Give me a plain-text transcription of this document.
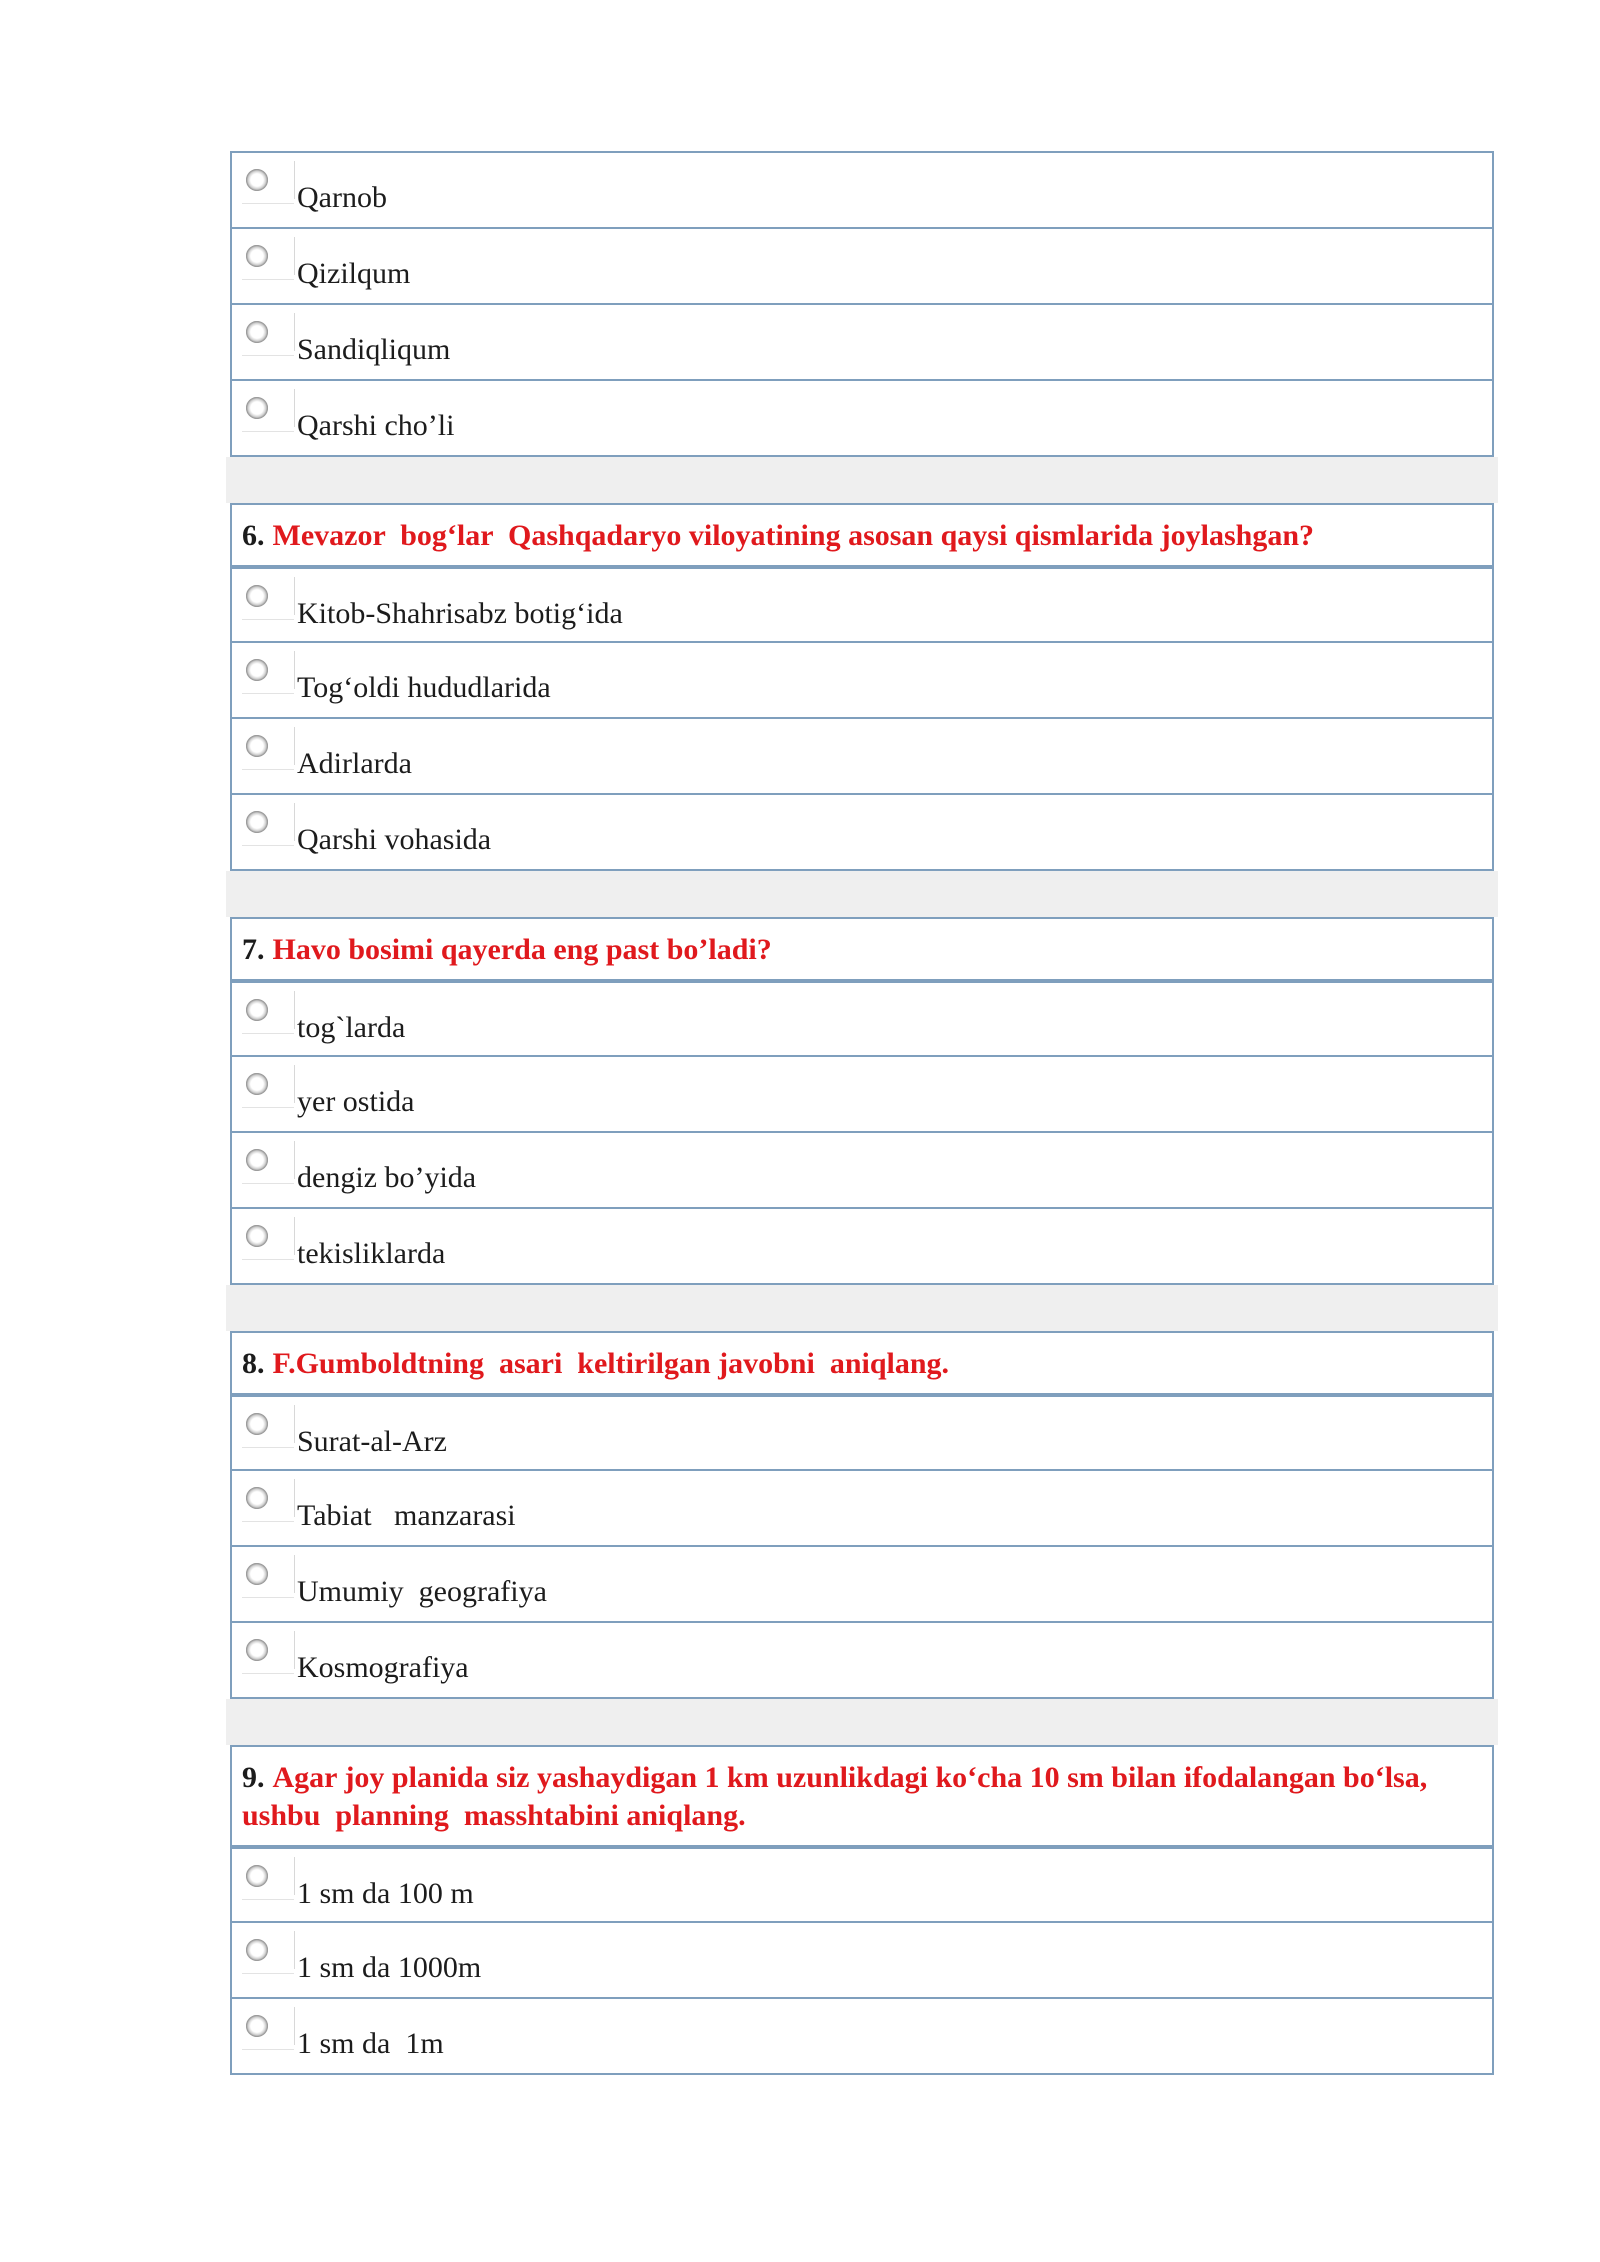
Qarnob
Qizilqum
Sandiqliqum
Qarshi cho’li
6. Mevazor  bog‘lar  Qashqadaryo viloyatining asosan qaysi qismlarida joylashgan?
Kitob-Shahrisabz botig‘ida
Tog‘oldi hududlarida
Adirlarda
Qarshi vohasida
7. Havo bosimi qayerda eng past bo’ladi?
tog`larda
yer ostida
dengiz bo’yida
tekisliklarda
8. F.Gumboldtning  asari  keltirilgan javobni  aniqlang.
Surat-al-Arz
Tabiat   manzarasi
Umumiy  geografiya
Kosmografiya
9. Agar joy planida siz yashaydigan 1 km uzunlikdagi ko‘cha 10 sm bilan ifodalangan bo‘lsa, ushbu  planning  masshtabini aniqlang.
1 sm da 100 m
1 sm da 1000m
1 sm da  1m
